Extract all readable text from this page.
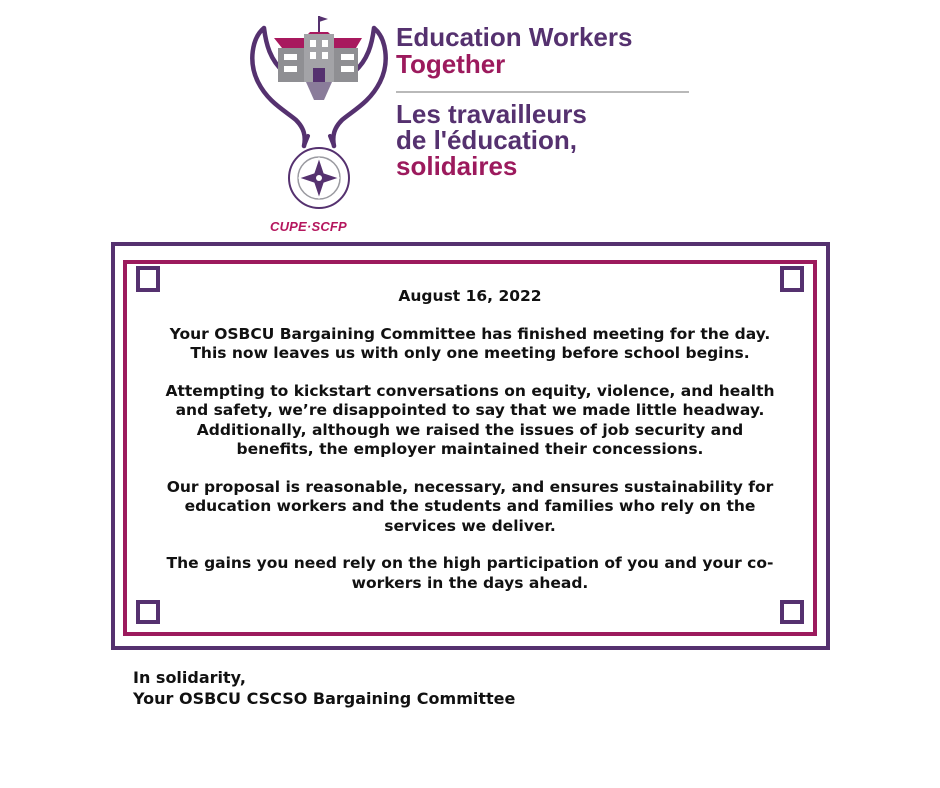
CUPE·SCFP
Education Workers
Together
Les travailleurs
de l'éducation,
solidaires

August 16, 2022

Your OSBCU Bargaining Committee has finished meeting for the day.
This now leaves us with only one meeting before school begins.

Attempting to kickstart conversations on equity, violence, and health
and safety, we’re disappointed to say that we made little headway.
Additionally, although we raised the issues of job security and
benefits, the employer maintained their concessions.

Our proposal is reasonable, necessary, and ensures sustainability for
education workers and the students and families who rely on the
services we deliver.

The gains you need rely on the high participation of you and your co-
workers in the days ahead.

In solidarity,
Your OSBCU CSCSO Bargaining Committee
